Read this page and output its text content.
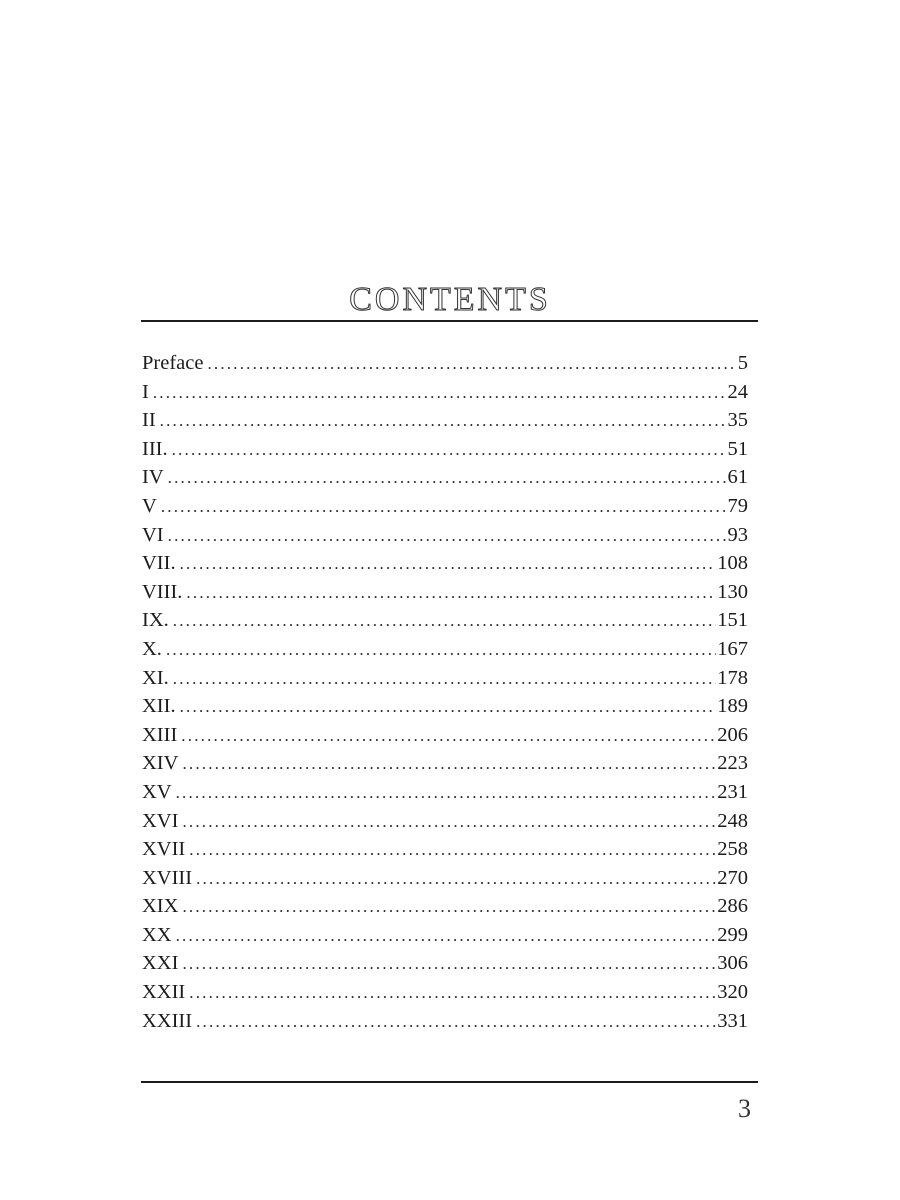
CONTENTS
Preface .....	5
I .....	24
II .....	35
III. .....	51
IV .....	61
V .....	79
VI .....	93
VII. .....	108
VIII. .....	130
IX. .....	151
X. .....	167
XI. .....	178
XII. .....	189
XIII .....	206
XIV .....	223
XV .....	231
XVI .....	248
XVII .....	258
XVIII .....	270
XIX .....	286
XX .....	299
XXI .....	306
XXII .....	320
XXIII .....	331
3
